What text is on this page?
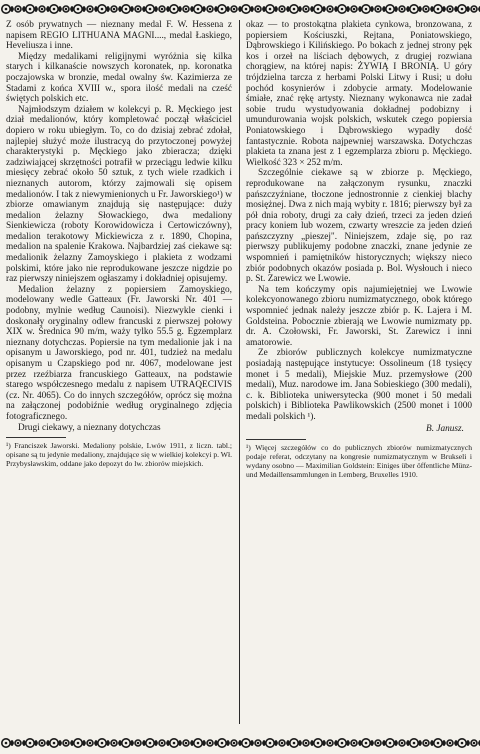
Z osób prywatnych — nieznany medal F. W. Hessena z napisem REGIO LITHUANA MAGNI...., medal Łaskiego, Heveliusza i inne.

Między medalikami religijnymi wyróżnia się kilka starych i kilkanaście nowszych koronatek, np. koronatka poczajowska w bronzie, medal owalny św. Kazimierza ze Stadami z końca XVIII w., spora ilość medali na cześć świętych polskich etc.

Najmłodszym działem w kolekcyi p. R. Męckiego jest dział medalionów, który kompletować począł właściciel dopiero w roku ubiegłym. To, co do dzisiaj zebrać zdołał, najlepiej służyć może ilustracyą do przytoczonej powyżej charakterystyki p. Męckiego jako zbieracza; dzięki zadziwiającej skrzętności potrafił w przeciągu ledwie kilku miesięcy zebrać około 50 sztuk, z tych wiele rzadkich i nieznanych autorom, którzy zajmowali się opisem medalionów. I tak z niewymienionych u Fr. Jaworskiego¹) w zbiorze omawianym znajdują się następujące: duży medalion żelazny Słowackiego, dwa medaliony Sienkiewicza (roboty Korowidowicza i Certowiczówny), medalion terakotowy Mickiewicza z r. 1890, Chopina, medalion na spalenie Krakowa. Najbardziej zaś ciekawe są: medalionik żelazny Zamoyskiego i plakieta z wodzami polskimi, które jako nie reprodukowane jeszcze nigdzie po raz pierwszy niniejszem ogłaszamy i dokładniej opisujemy.

Medalion żelazny z popiersiem Zamoyskiego, modelowany wedle Gatteaux (Fr. Jaworski Nr. 401 — podobny, mylnie według Caunoisi). Niezwykle cienki i doskonały oryginalny odlew francuski z pierwszej połowy XIX w. Średnica 90 m/m, waży tylko 55.5 g. Egzemplarz nieznany dotychczas. Popiersie na tym medalionie jak i na opisanym u Jaworskiego, pod nr. 401, tudzież na medalu opisanym u Czapskiego pod nr. 4067, modelowane jest przez rzeźbiarza francuskiego Gatteaux, na podstawie starego współczesnego medalu z napisem UTRAQECIVIS (cz. Nr. 4065). Co do innych szczegółów, oprócz się można na załączonej podobiźnie według oryginalnego zdjęcia fotograficznego.

Drugi ciekawy, a nieznany dotychczas

¹) Franciszek Jaworski. Medaliony polskie, Lwów 1911, z liczn. tabl.; opisane są tu jedynie medaliony, znajdujące się w wielkiej kolekcyi p. Wł. Przybysławskim, oddane jako depozyt do lw. zbiorów miejskich.

okaz — to prostokątna plakieta cynkowa, bronzowana, z popiersiem Kościuszki, Rejtana, Poniatowskiego, Dąbrowskiego i Kilińskiego. Po bokach z jednej strony pęk kos i orzeł na liściach dębowych, z drugiej rozwiana chorągiew, na której napis: ŻYWIĄ I BRONIĄ. U góry trójdzielna tarcza z herbami Polski Litwy i Rusi; u dołu pochód kosynierów i zdobycie armaty. Modelowanie śmiałe, znać rękę artysty. Nieznany wykonawca nie zadał sobie trudu wystudyowania dokładnej podobizny i umundurowania wojsk polskich, wskutek czego popiersia Poniatowskiego i Dąbrowskiego wypadły dość fantastycznie. Robota najpewniej warszawska. Dotychczas plakieta ta znana jest z 1 egzemplarza zbioru p. Męckiego. Wielkość 323 × 252 m/m.

Szczególnie ciekawe są w zbiorze p. Męckiego, reprodukowane na załączonym rysunku, znaczki pańszczyźniane, tłoczone jednostronnie z cienkiej blachy mosiężnej. Dwa z nich mają wybity r. 1816; pierwszy był za pół dnia roboty, drugi za cały dzień, trzeci za jeden dzień pracy koniem lub wozem, czwarty wreszcie za jeden dzień pańszczyzny „pieszej". Niniejszem, zdaje się, po raz pierwszy publikujemy podobne znaczki, znane jedynie ze wspomnień i pamiętników historycznych; większy nieco zbiór podobnych okazów posiada p. Bol. Wysłouch i nieco p. St. Zarewicz we Lwowie.

Na tem kończymy opis najumiejętniej we Lwowie kolekcyonowanego zbioru numizmatycznego, obok którego wspomnieć jednak należy jeszcze zbiór p. K. Lajera i M. Goldsteina. Pobocznie zbierają we Lwowie numizmaty pp. dr. A. Czołowski, Fr. Jaworski, St. Zarewicz i inni amatorowie.

Ze zbiorów publicznych kolekcye numizmatyczne posiadają następujące instytucye: Ossolineum (18 tysięcy monet i 5 medali), Miejskie Muz. przemysłowe (200 medali), Muz. narodowe im. Jana Sobieskiego (300 medali), c. k. Biblioteka uniwersytecka (900 monet i 50 medali polskich) i Biblioteka Pawlikowskich (2500 monet i 1000 medali polskich ¹).

B. Janusz.

¹) Więcej szczegółów co do publicznych zbiorów numizmatycznych podaje referat, odczytany na kongresie numizmatycznym w Brukseli i wydany osobno — Maximilian Goldstein: Einiges über öffentliche Münz- und Medaillensammlungen in Lemberg, Bruxelles 1910.
